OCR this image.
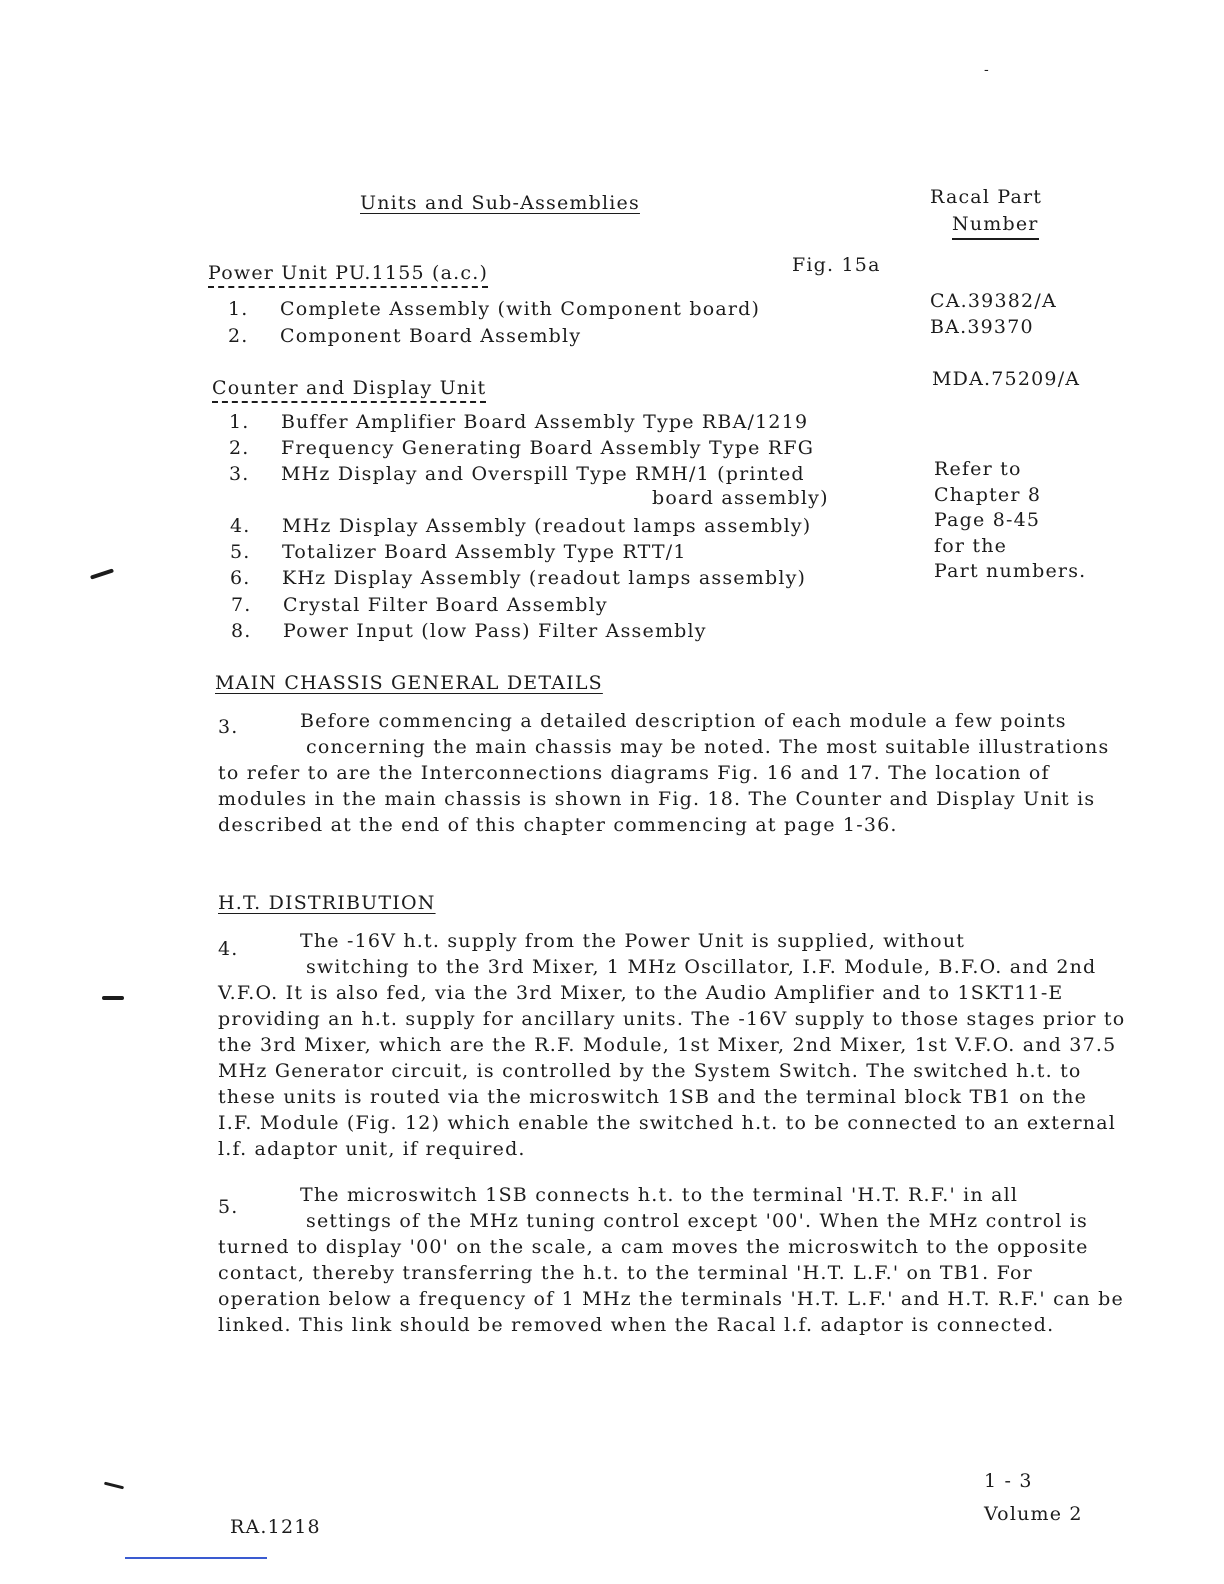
-
Units and Sub-Assemblies	Racal Part
Number
Power Unit PU.1155 (a.c.)	Fig. 15a
1. Complete Assembly (with Component board)	CA.39382/A
2. Component Board Assembly	BA.39370
Counter and Display Unit	MDA.75209/A
1. Buffer Amplifier Board Assembly Type RBA/1219
2. Frequency Generating Board Assembly Type RFG
3. MHz Display and Overspill Type RMH/1 (printed
board assembly)
4. MHz Display Assembly (readout lamps assembly)
5. Totalizer Board Assembly Type RTT/1
6. KHz Display Assembly (readout lamps assembly)
7. Crystal Filter Board Assembly
8. Power Input (low Pass) Filter Assembly
Refer to
Chapter 8
Page 8-45
for the
Part numbers.
MAIN CHASSIS GENERAL DETAILS
3.	Before commencing a detailed description of each module a few points

concerning the main chassis may be noted. The most suitable illustrations to refer to are the Interconnections diagrams Fig. 16 and 17. The location of modules in the main chassis is shown in Fig. 18. The Counter and Display Unit is described at the end of this chapter commencing at page 1-36.

H.T. DISTRIBUTION
4.	The -16V h.t. supply from the Power Unit is supplied, without

switching to the 3rd Mixer, 1 MHz Oscillator, I.F. Module, B.F.O. and 2nd V.F.O. It is also fed, via the 3rd Mixer, to the Audio Amplifier and to 1SKT11-E providing an h.t. supply for ancillary units. The -16V supply to those stages prior to the 3rd Mixer, which are the R.F. Module, 1st Mixer, 2nd Mixer, 1st V.F.O. and 37.5 MHz Generator circuit, is controlled by the System Switch. The switched h.t. to these units is routed via the microswitch 1SB and the terminal block TB1 on the I.F. Module (Fig. 12) which enable the switched h.t. to be connected to an external l.f. adaptor unit, if required.

5.

The microswitch 1SB connects h.t. to the terminal 'H.T. R.F.' in all

settings of the MHz tuning control except '00'. When the MHz control is turned to display '00' on the scale, a cam moves the microswitch to the opposite contact, thereby transferring the h.t. to the terminal 'H.T. L.F.' on TB1. For operation below a frequency of 1 MHz the terminals 'H.T. L.F.' and H.T. R.F.' can be linked. This link should be removed when the Racal l.f. adaptor is connected.

1 - 3
Volume 2
RA.1218
